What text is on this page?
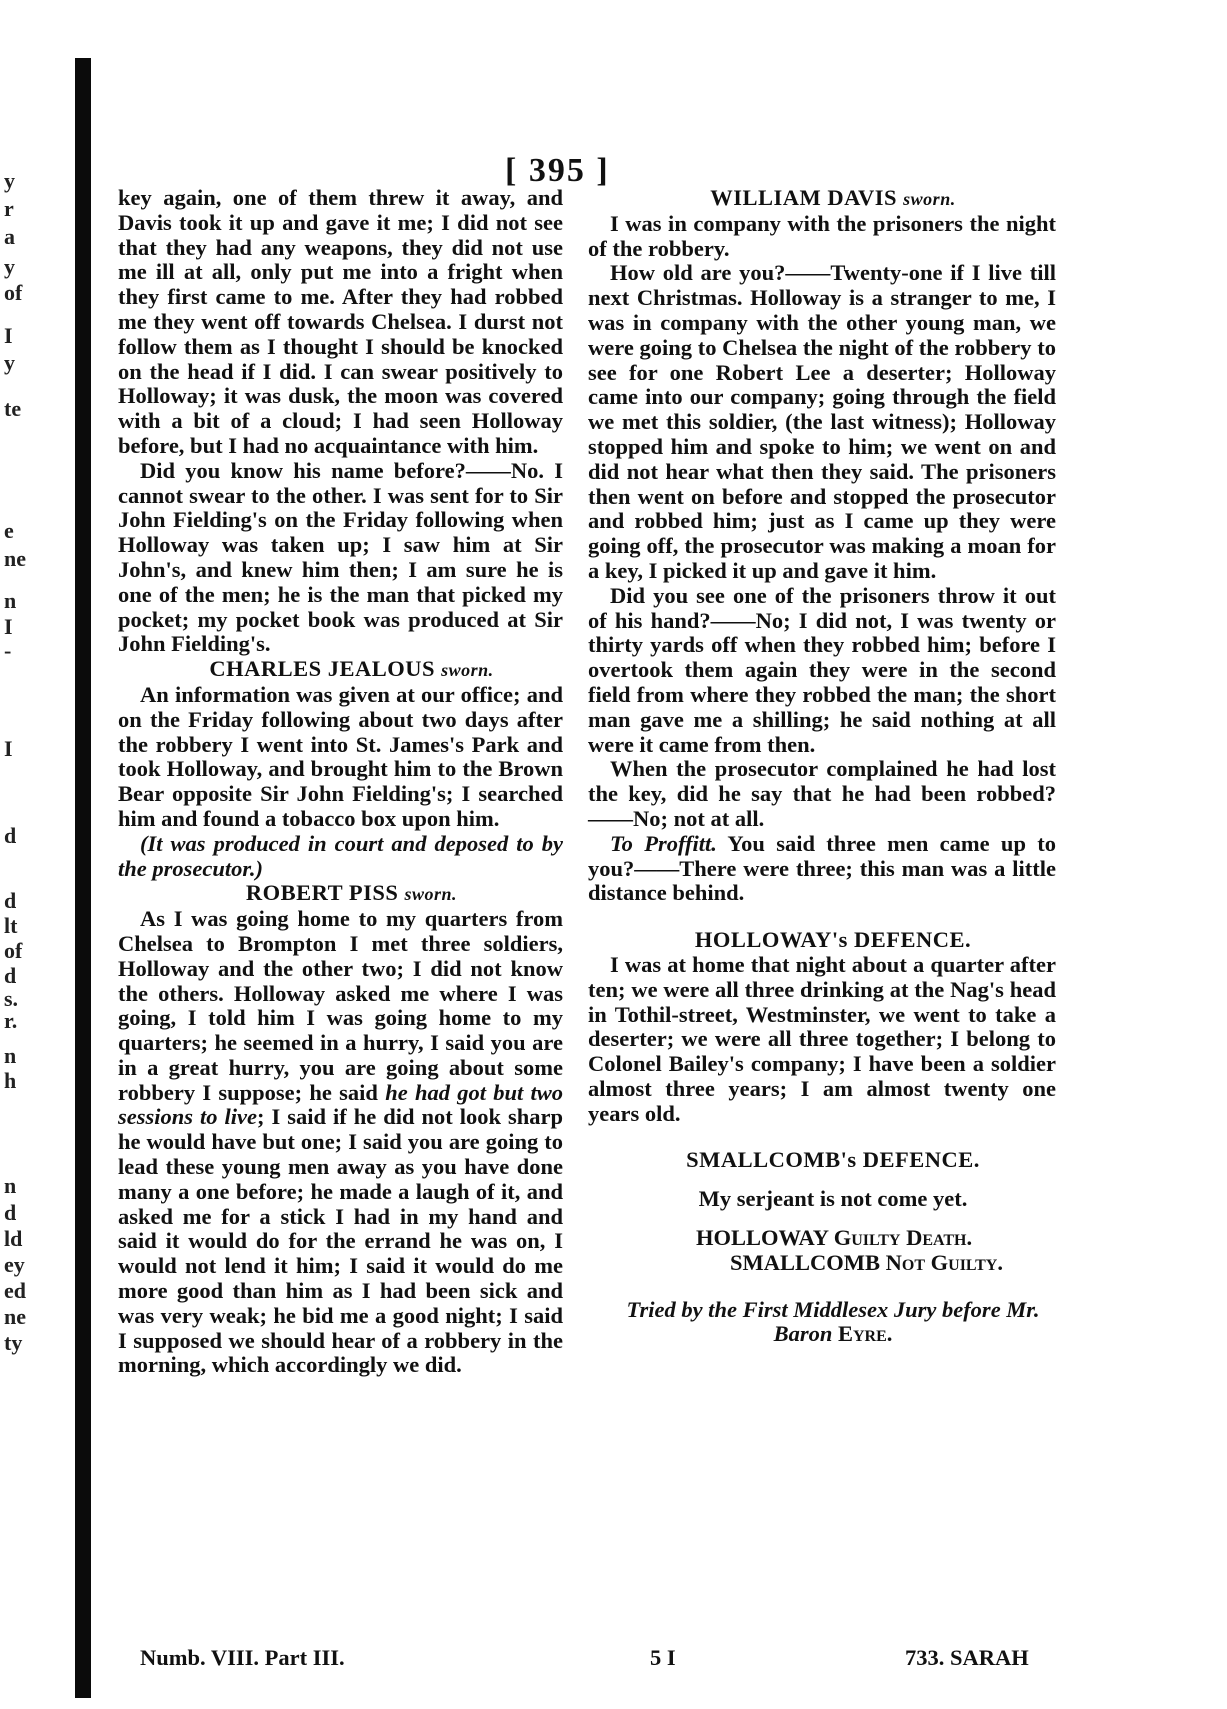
y
r
a
y
of
I
y
te
e
ne
n
I
-
I
d
d
lt
of
d
s.
r.
n
h
n
d
ld
ey
ed
ne
ty
[ 395 ]

key again, one of them threw it away, and Davis took it up and gave it me; I did not see that they had any weapons, they did not use me ill at all, only put me into a fright when they first came to me. After they had robbed me they went off towards Chelsea. I durst not follow them as I thought I should be knocked on the head if I did. I can swear positively to Holloway; it was dusk, the moon was covered with a bit of a cloud; I had seen Holloway before, but I had no acquaintance with him.

Did you know his name before?——No. I cannot swear to the other. I was sent for to Sir John Fielding's on the Friday following when Holloway was taken up; I saw him at Sir John's, and knew him then; I am sure he is one of the men; he is the man that picked my pocket; my pocket book was produced at Sir John Fielding's.

CHARLES JEALOUS sworn.

An information was given at our office; and on the Friday following about two days after the robbery I went into St. James's Park and took Holloway, and brought him to the Brown Bear opposite Sir John Fielding's; I searched him and found a tobacco box upon him.

(It was produced in court and deposed to by the prosecutor.)

ROBERT PISS sworn.

As I was going home to my quarters from Chelsea to Brompton I met three soldiers, Holloway and the other two; I did not know the others. Holloway asked me where I was going, I told him I was going home to my quarters; he seemed in a hurry, I said you are in a great hurry, you are going about some robbery I suppose; he said he had got but two sessions to live; I said if he did not look sharp he would have but one; I said you are going to lead these young men away as you have done many a one before; he made a laugh of it, and asked me for a stick I had in my hand and said it would do for the errand he was on, I would not lend it him; I said it would do me more good than him as I had been sick and was very weak; he bid me a good night; I said I supposed we should hear of a robbery in the morning, which accordingly we did.

WILLIAM DAVIS sworn.

I was in company with the prisoners the night of the robbery.

How old are you?——Twenty-one if I live till next Christmas. Holloway is a stranger to me, I was in company with the other young man, we were going to Chelsea the night of the robbery to see for one Robert Lee a deserter; Holloway came into our company; going through the field we met this soldier, (the last witness); Holloway stopped him and spoke to him; we went on and did not hear what then they said. The prisoners then went on before and stopped the prosecutor and robbed him; just as I came up they were going off, the prosecutor was making a moan for a key, I picked it up and gave it him.

Did you see one of the prisoners throw it out of his hand?——No; I did not, I was twenty or thirty yards off when they robbed him; before I overtook them again they were in the second field from where they robbed the man; the short man gave me a shilling; he said nothing at all were it came from then.

When the prosecutor complained he had lost the key, did he say that he had been robbed?——No; not at all.

To Proffitt. You said three men came up to you?——There were three; this man was a little distance behind.

HOLLOWAY's DEFENCE.

I was at home that night about a quarter after ten; we were all three drinking at the Nag's head in Tothil-street, Westminster, we went to take a deserter; we were all three together; I belong to Colonel Bailey's company; I have been a soldier almost three years; I am almost twenty one years old.

SMALLCOMB's DEFENCE.

My serjeant is not come yet.

HOLLOWAY Guilty Death.

SMALLCOMB Not Guilty.

Tried by the First Middlesex Jury before Mr.

Baron Eyre.

Numb. VIII. Part III.	5 I	733. SARAH
